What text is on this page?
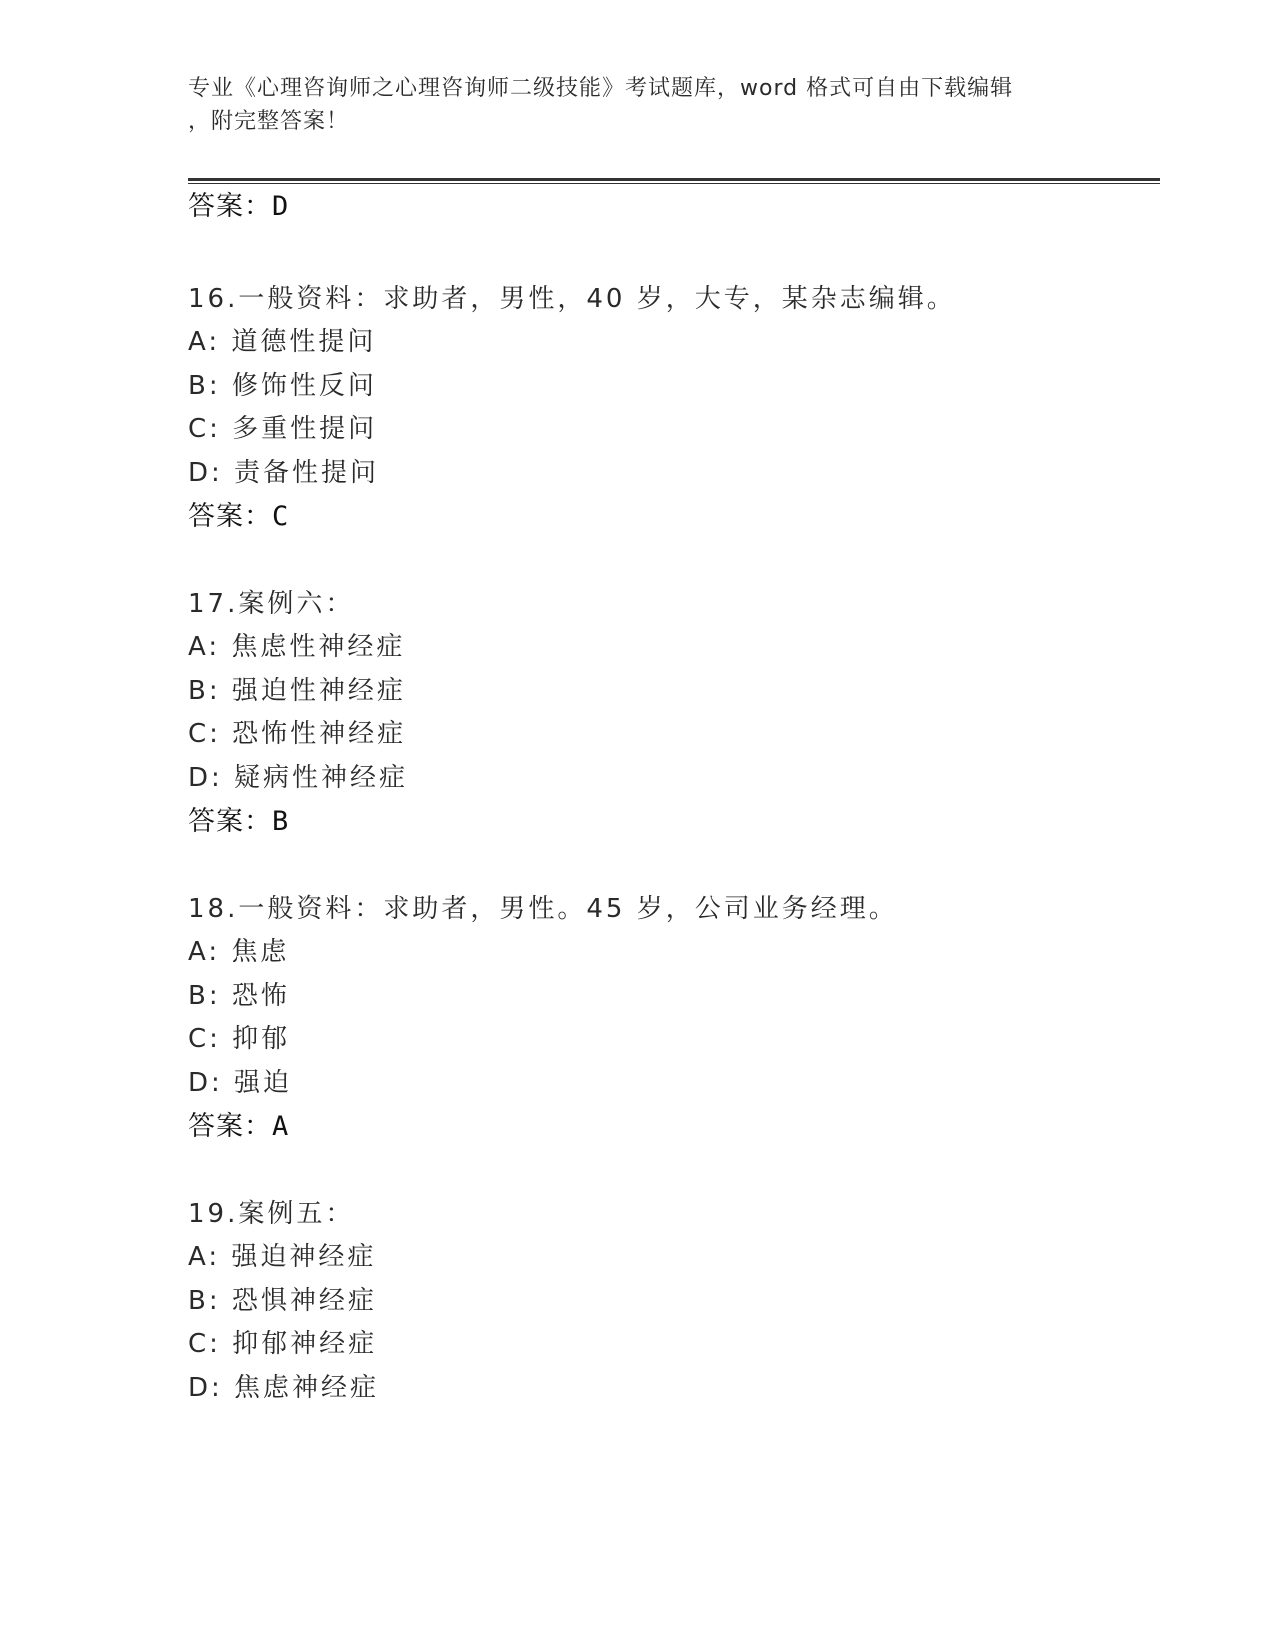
专业《心理咨询师之心理咨询师二级技能》考试题库，word 格式可自由下载编辑
，附完整答案！
答案：D
16.一般资料：求助者，男性，40 岁，大专，某杂志编辑。
A: 道德性提问
B: 修饰性反问
C: 多重性提问
D: 责备性提问
答案：C
17.案例六：
A: 焦虑性神经症
B: 强迫性神经症
C: 恐怖性神经症
D: 疑病性神经症
答案：B
18.一般资料：求助者，男性。45 岁，公司业务经理。
A: 焦虑
B: 恐怖
C: 抑郁
D: 强迫
答案：A
19.案例五：
A: 强迫神经症
B: 恐惧神经症
C: 抑郁神经症
D: 焦虑神经症
